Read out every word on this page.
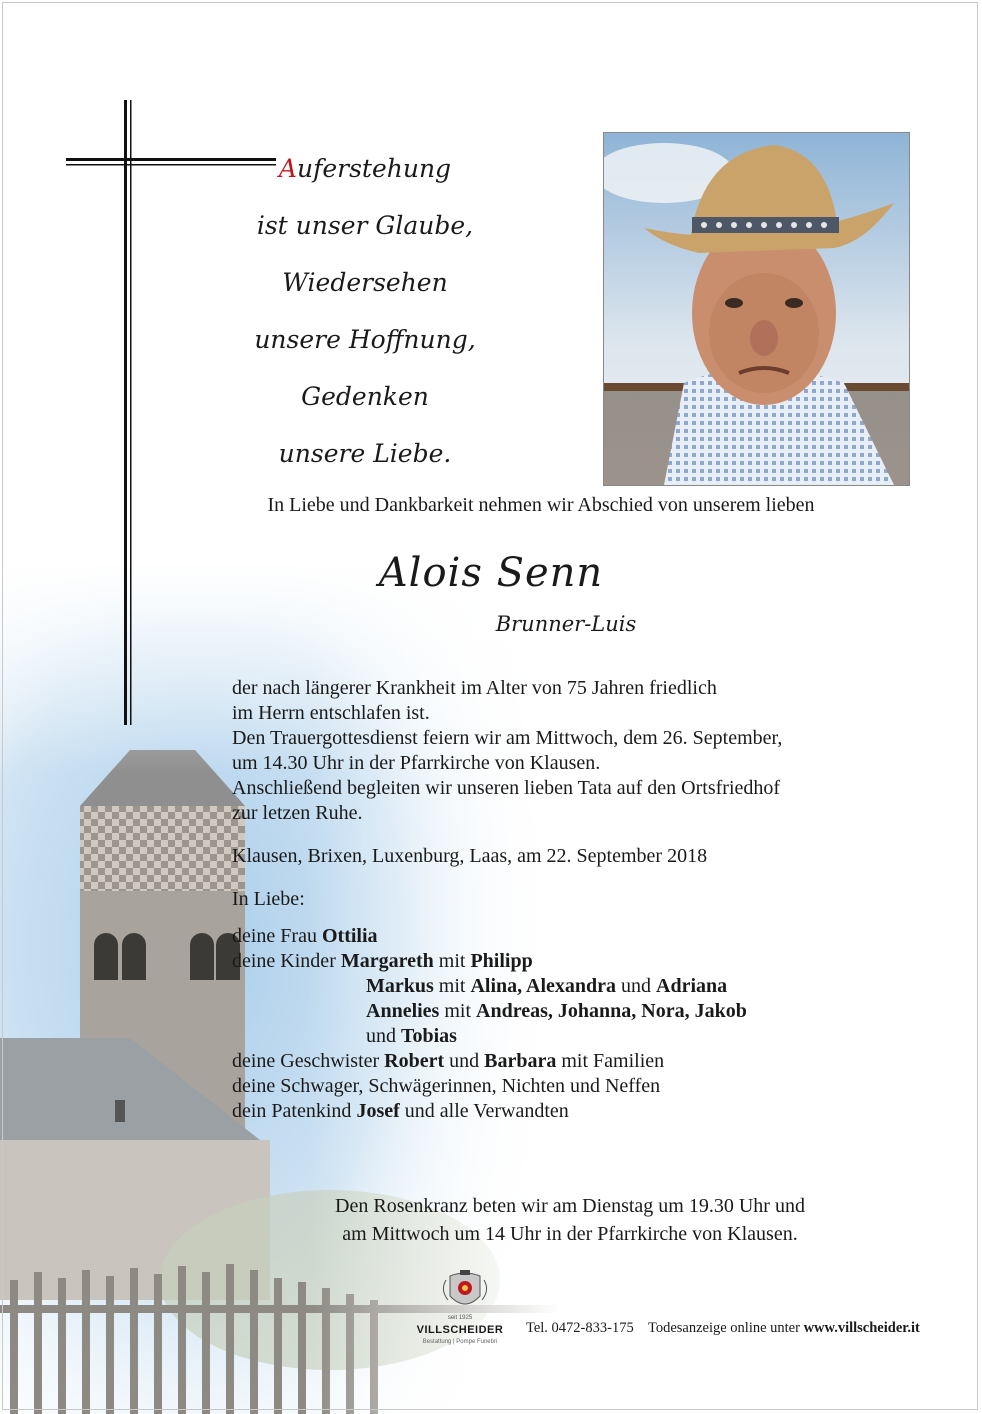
Auferstehung
ist unser Glaube,
Wiedersehen
unsere Hoffnung,
Gedenken
unsere Liebe.
In Liebe und Dankbarkeit nehmen wir Abschied von unserem lieben
Alois Senn
Brunner-Luis

der nach längerer Krankheit im Alter von 75 Jahren friedlich

im Herrn entschlafen ist.

Den Trauergottesdienst feiern wir am Mittwoch, dem 26. September,

um 14.30 Uhr in der Pfarrkirche von Klausen.

Anschließend begleiten wir unseren lieben Tata auf den Ortsfriedhof

zur letzen Ruhe.

Klausen, Brixen, Luxenburg, Laas, am 22. September 2018

In Liebe:

deine Frau Ottilia

deine Kinder Margareth mit Philipp

Markus mit Alina, Alexandra und Adriana

Annelies mit Andreas, Johanna, Nora, Jakob

und Tobias

deine Geschwister Robert und Barbara mit Familien

deine Schwager, Schwägerinnen, Nichten und Neffen

dein Patenkind Josef und alle Verwandten

Den Rosenkranz beten wir am Dienstag um 19.30 Uhr und
am Mittwoch um 14 Uhr in der Pfarrkirche von Klausen.
seit 1925
VILLSCHEIDER
Bestattung | Pompe Funebri
Tel. 0472-833-175 Todesanzeige online unter www.villscheider.it
